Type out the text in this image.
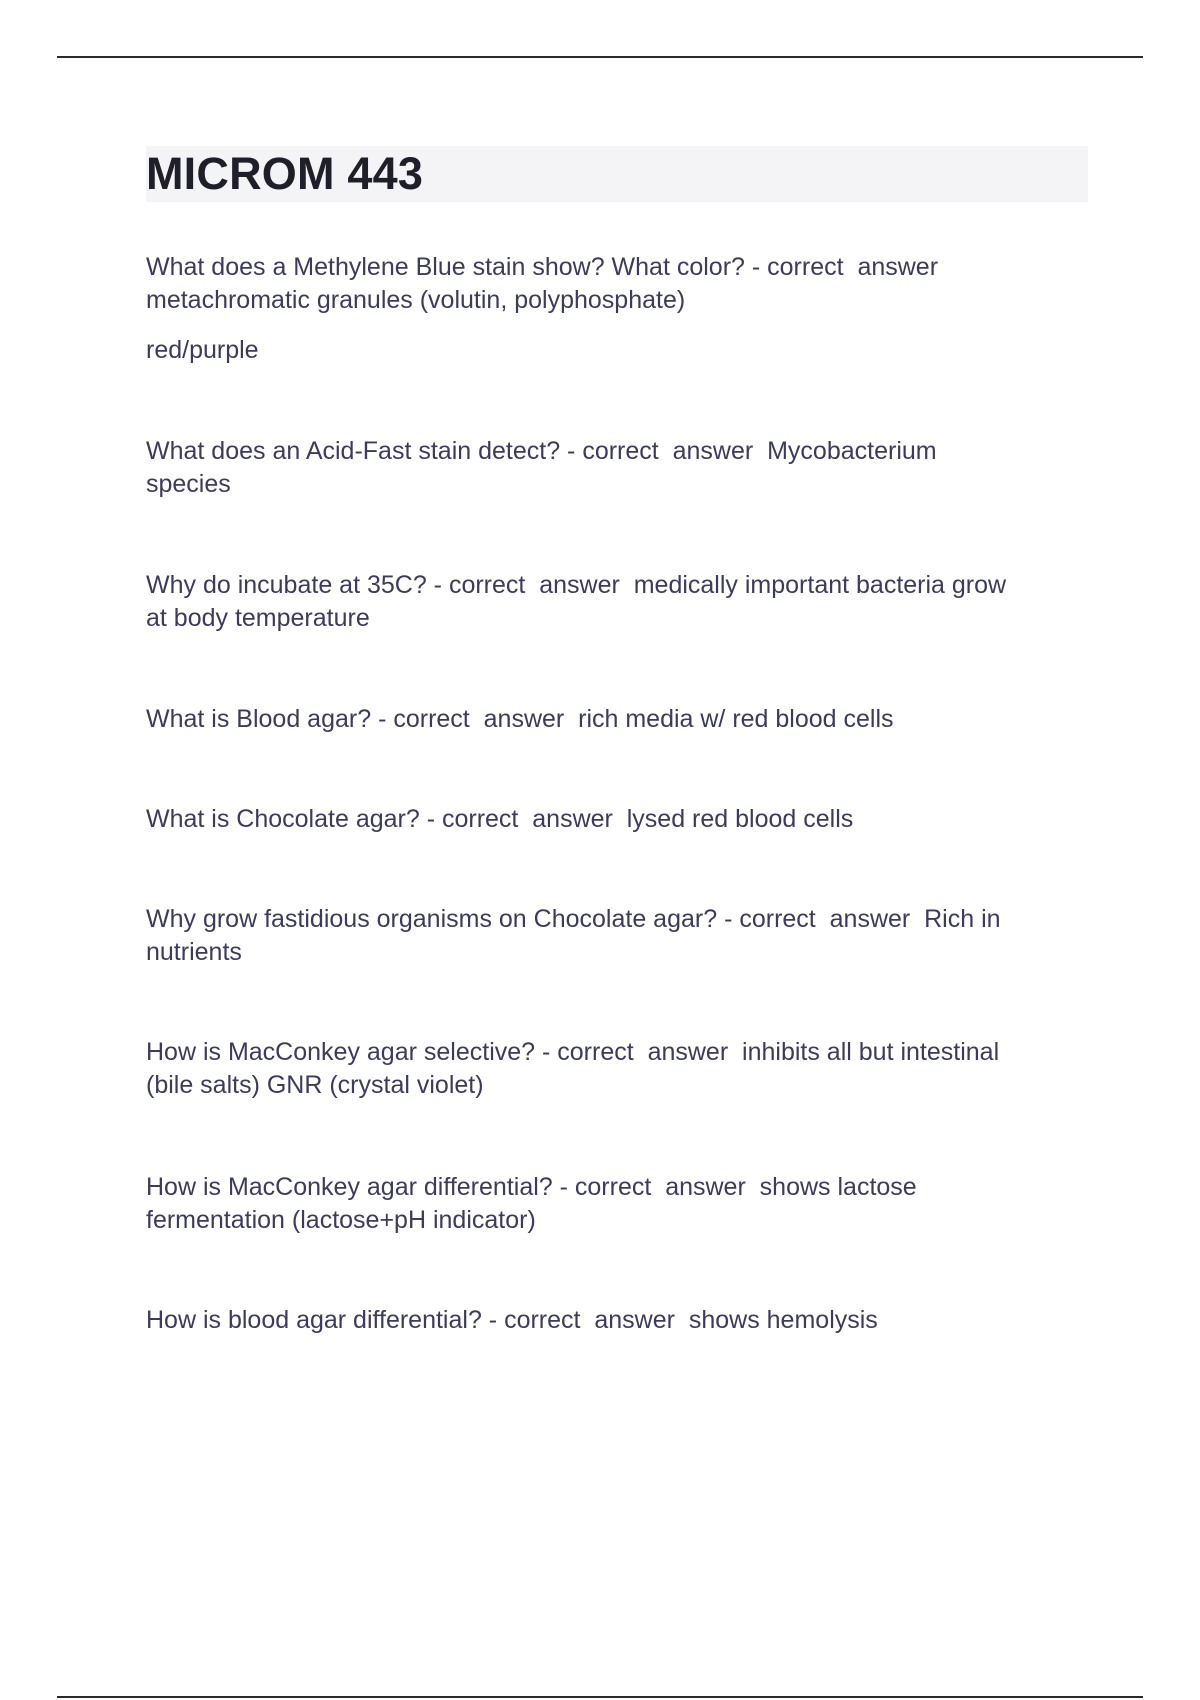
MICROM 443

What does a Methylene Blue stain show? What color? - correct  answer
metachromatic granules (volutin, polyphosphate)

red/purple

What does an Acid-Fast stain detect? - correct  answer  Mycobacterium
species

Why do incubate at 35C? - correct  answer  medically important bacteria grow
at body temperature

What is Blood agar? - correct  answer  rich media w/ red blood cells

What is Chocolate agar? - correct  answer  lysed red blood cells

Why grow fastidious organisms on Chocolate agar? - correct  answer  Rich in
nutrients

How is MacConkey agar selective? - correct  answer  inhibits all but intestinal
(bile salts) GNR (crystal violet)

How is MacConkey agar differential? - correct  answer  shows lactose
fermentation (lactose+pH indicator)

How is blood agar differential? - correct  answer  shows hemolysis
